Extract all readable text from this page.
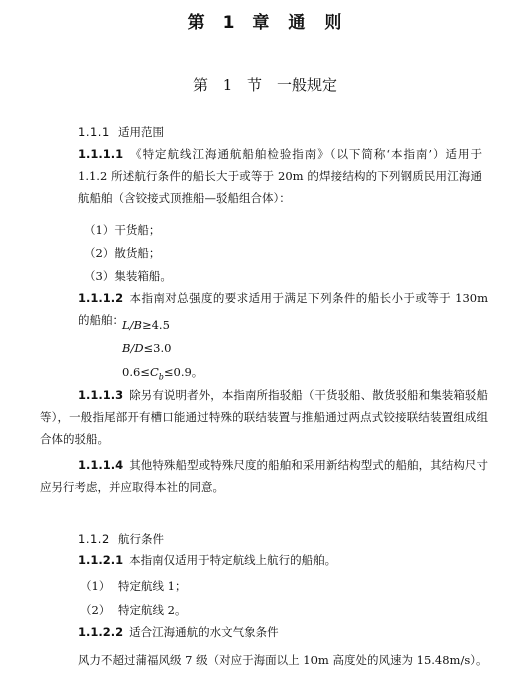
第 1 章　通　则
第 1 节　一般规定
1.1.1 适用范围
1.1.1.1 《特定航线江海通航船舶检验指南》（以下简称‘本指南’）适用于 1.1.2 所述航行条件的船长大于或等于 20m 的焊接结构的下列钢质民用江海通航船舶（含铰接式顶推船—驳船组合体）：
（1）干货船；
（2）散货船；
（3）集装箱船。
1.1.1.2 本指南对总强度的要求适用于满足下列条件的船长小于或等于 130m 的船舶：
L/B≥4.5
B/D≤3.0
$0.6\le C_b\le 0.9$。
1.1.1.3 除另有说明者外，本指南所指驳船（干货驳船、散货驳船和集装箱驳船等），一般指尾部开有槽口能通过特殊的联结装置与推船通过两点式铰接联结装置组成组合体的驳船。
1.1.1.4 其他特殊船型或特殊尺度的船舶和采用新结构型式的船舶，其结构尺寸应另行考虑，并应取得本社的同意。
1.1.2 航行条件
1.1.2.1 本指南仅适用于特定航线上航行的船舶。
（1） 特定航线 1；
（2） 特定航线 2。
1.1.2.2 适合江海通航的水文气象条件
风力不超过蒲福风级 7 级（对应于海面以上 10m 高度处的风速为 15.48m/s）。
